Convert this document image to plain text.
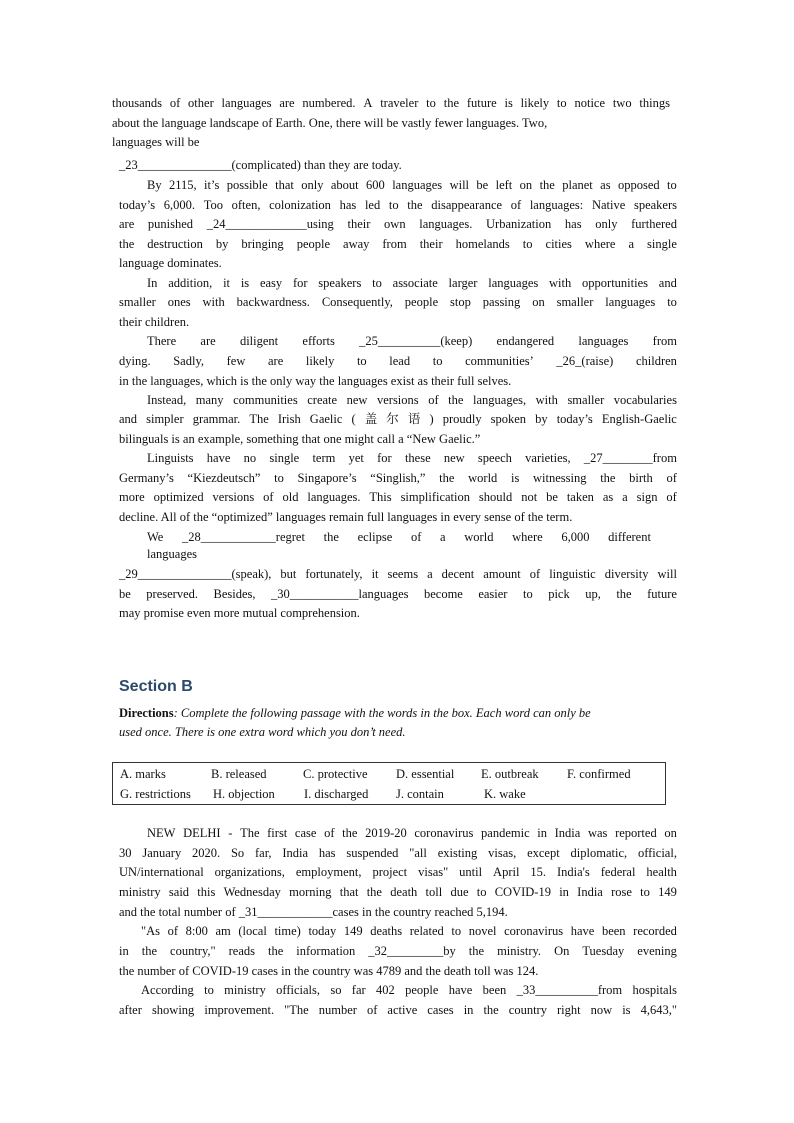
thousands of other languages are numbered. A traveler to the future is likely to notice two things
about the language landscape of Earth. One, there will be vastly fewer languages. Two,
languages will be
_23_______________(complicated) than they are today.
By 2115, it’s possible that only about 600 languages will be left on the planet as opposed to
today’s 6,000. Too often, colonization has led to the disappearance of languages: Native speakers
are punished _24_____________using their own languages. Urbanization has only furthered
the destruction by bringing people away from their homelands to cities where a single
language dominates.
In addition, it is easy for speakers to associate larger languages with opportunities and
smaller ones with backwardness. Consequently, people stop passing on smaller languages to
their children.
There are diligent efforts _25__________(keep) endangered languages from
dying. Sadly, few are likely to lead to communities’ _26_(raise) children
in the languages, which is the only way the languages exist as their full selves.
Instead, many communities create new versions of the languages, with smaller vocabularies
and simpler grammar. The Irish Gaelic ( 盖 尔 语 ) proudly spoken by today’s English-Gaelic
bilinguals is an example, something that one might call a “New Gaelic.”
Linguists have no single term yet for these new speech varieties, _27________from
Germany’s “Kiezdeutsch” to Singapore’s “Singlish,” the world is witnessing the birth of
more optimized versions of old languages. This simplification should not be taken as a sign of
decline. All of the “optimized” languages remain full languages in every sense of the term.
We _28____________regret the eclipse of a world where 6,000 different
languages
_29_______________(speak), but fortunately, it seems a decent amount of linguistic diversity will
be preserved. Besides, _30___________languages become easier to pick up, the future
may promise even more mutual comprehension.
Section B
Directions: Complete the following passage with the words in the box. Each word can only be
used once. There is one extra word which you don’t need.
A. marks	B. released	C. protective D. essential E. outbreak F. confirmed
G. restrictions H. objection I. discharged J. contain	K. wake
NEW DELHI - The first case of the 2019-20 coronavirus pandemic in India was reported on
30 January 2020. So far, India has suspended "all existing visas, except diplomatic, official,
UN/international organizations, employment, project visas" until April 15. India's federal health
ministry said this Wednesday morning that the death toll due to COVID-19 in India rose to 149
and the total number of _31____________cases in the country reached 5,194.
"As of 8:00 am (local time) today 149 deaths related to novel coronavirus have been recorded
in the country," reads the information _32_________by the ministry. On Tuesday evening
the number of COVID-19 cases in the country was 4789 and the death toll was 124.
According to ministry officials, so far 402 people have been _33__________from hospitals
after showing improvement. "The number of active cases in the country right now is 4,643,"
